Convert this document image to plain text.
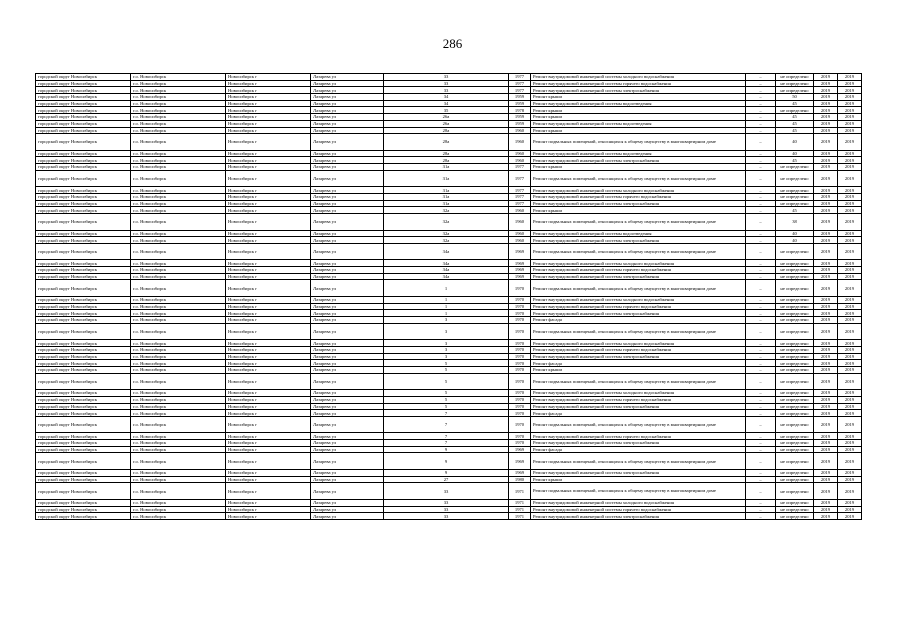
286
городской округ Новосибирск	г.о. Новосибирск	Новосибирск г	Лазарева ул	33	1977	Ремонт внутридомовой инженерной системы холодного водоснабжения	–	не определено	2019	2019
городской округ Новосибирск	г.о. Новосибирск	Новосибирск г	Лазарева ул	33	1977	Ремонт внутридомовой инженерной системы горячего водоснабжения	–	не определено	2019	2019
городской округ Новосибирск	г.о. Новосибирск	Новосибирск г	Лазарева ул	33	1977	Ремонт внутридомовой инженерной системы электроснабжения	–	не определено	2019	2019
городской округ Новосибирск	г.о. Новосибирск	Новосибирск г	Лазарева ул	34	1959	Ремонт крыши	–	50	2019	2019
городской округ Новосибирск	г.о. Новосибирск	Новосибирск г	Лазарева ул	34	1959	Ремонт внутридомовой инженерной системы водоотведения	–	45	2019	2019
городской округ Новосибирск	г.о. Новосибирск	Новосибирск г	Лазарева ул	35	1978	Ремонт крыши	–	не определено	2019	2019
городской округ Новосибирск	г.о. Новосибирск	Новосибирск г	Лазарева ул	26а	1959	Ремонт крыши	–	45	2019	2019
городской округ Новосибирск	г.о. Новосибирск	Новосибирск г	Лазарева ул	26а	1959	Ремонт внутридомовой инженерной системы водоотведения	–	45	2019	2019
городской округ Новосибирск	г.о. Новосибирск	Новосибирск г	Лазарева ул	28а	1960	Ремонт крыши	–	45	2019	2019
городской округ Новосибирск	г.о. Новосибирск	Новосибирск г	Лазарева ул	28а	1960	Ремонт подвальных помещений, относящихся к общему имуществу в многоквартирном доме	–	40	2019	2019
городской округ Новосибирск	г.о. Новосибирск	Новосибирск г	Лазарева ул	28а	1960	Ремонт внутридомовой инженерной системы водоотведения	–	40	2019	2019
городской округ Новосибирск	г.о. Новосибирск	Новосибирск г	Лазарева ул	28а	1960	Ремонт внутридомовой инженерной системы электроснабжения	–	45	2019	2019
городской округ Новосибирск	г.о. Новосибирск	Новосибирск г	Лазарева ул	31а	1977	Ремонт крыши	–	не определено	2019	2019
городской округ Новосибирск	г.о. Новосибирск	Новосибирск г	Лазарева ул	31а	1977	Ремонт подвальных помещений, относящихся к общему имуществу в многоквартирном доме	–	не определено	2019	2019
городской округ Новосибирск	г.о. Новосибирск	Новосибирск г	Лазарева ул	31а	1977	Ремонт внутридомовой инженерной системы холодного водоснабжения	–	не определено	2019	2019
городской округ Новосибирск	г.о. Новосибирск	Новосибирск г	Лазарева ул	31а	1977	Ремонт внутридомовой инженерной системы горячего водоснабжения	–	не определено	2019	2019
городской округ Новосибирск	г.о. Новосибирск	Новосибирск г	Лазарева ул	31а	1977	Ремонт внутридомовой инженерной системы электроснабжения	–	не определено	2019	2019
городской округ Новосибирск	г.о. Новосибирск	Новосибирск г	Лазарева ул	32а	1960	Ремонт крыши	–	45	2019	2019
городской округ Новосибирск	г.о. Новосибирск	Новосибирск г	Лазарева ул	32а	1960	Ремонт подвальных помещений, относящихся к общему имуществу в многоквартирном доме	–	38	2019	2019
городской округ Новосибирск	г.о. Новосибирск	Новосибирск г	Лазарева ул	32а	1960	Ремонт внутридомовой инженерной системы водоотведения	–	40	2019	2019
городской округ Новосибирск	г.о. Новосибирск	Новосибирск г	Лазарева ул	32а	1960	Ремонт внутридомовой инженерной системы электроснабжения	–	40	2019	2019
городской округ Новосибирск	г.о. Новосибирск	Новосибирск г	Лазарева ул	34а	1969	Ремонт подвальных помещений, относящихся к общему имуществу в многоквартирном доме	–	не определено	2019	2019
городской округ Новосибирск	г.о. Новосибирск	Новосибирск г	Лазарева ул	34а	1969	Ремонт внутридомовой инженерной системы холодного водоснабжения	–	не определено	2019	2019
городской округ Новосибирск	г.о. Новосибирск	Новосибирск г	Лазарева ул	34а	1969	Ремонт внутридомовой инженерной системы горячего водоснабжения	–	не определено	2019	2019
городской округ Новосибирск	г.о. Новосибирск	Новосибирск г	Лазарева ул	34а	1969	Ремонт внутридомовой инженерной системы электроснабжения	–	не определено	2019	2019
городской округ Новосибирск	г.о. Новосибирск	Новосибирск г	Лазарева ул	1	1970	Ремонт подвальных помещений, относящихся к общему имуществу в многоквартирном доме	–	не определено	2019	2019
городской округ Новосибирск	г.о. Новосибирск	Новосибирск г	Лазарева ул	1	1970	Ремонт внутридомовой инженерной системы холодного водоснабжения	–	не определено	2019	2019
городской округ Новосибирск	г.о. Новосибирск	Новосибирск г	Лазарева ул	1	1970	Ремонт внутридомовой инженерной системы горячего водоснабжения	–	не определено	2019	2019
городской округ Новосибирск	г.о. Новосибирск	Новосибирск г	Лазарева ул	1	1970	Ремонт внутридомовой инженерной системы электроснабжения	–	не определено	2019	2019
городской округ Новосибирск	г.о. Новосибирск	Новосибирск г	Лазарева ул	3	1970	Ремонт фасада	–	не определено	2019	2019
городской округ Новосибирск	г.о. Новосибирск	Новосибирск г	Лазарева ул	3	1970	Ремонт подвальных помещений, относящихся к общему имуществу в многоквартирном доме	–	не определено	2019	2019
городской округ Новосибирск	г.о. Новосибирск	Новосибирск г	Лазарева ул	3	1970	Ремонт внутридомовой инженерной системы холодного водоснабжения	–	не определено	2019	2019
городской округ Новосибирск	г.о. Новосибирск	Новосибирск г	Лазарева ул	3	1970	Ремонт внутридомовой инженерной системы горячего водоснабжения	–	не определено	2019	2019
городской округ Новосибирск	г.о. Новосибирск	Новосибирск г	Лазарева ул	3	1970	Ремонт внутридомовой инженерной системы электроснабжения	–	не определено	2019	2019
городской округ Новосибирск	г.о. Новосибирск	Новосибирск г	Лазарева ул	5	1970	Ремонт фасада	–	не определено	2019	2019
городской округ Новосибирск	г.о. Новосибирск	Новосибирск г	Лазарева ул	5	1970	Ремонт крыши	–	не определено	2019	2019
городской округ Новосибирск	г.о. Новосибирск	Новосибирск г	Лазарева ул	5	1970	Ремонт подвальных помещений, относящихся к общему имуществу в многоквартирном доме	–	не определено	2019	2019
городской округ Новосибирск	г.о. Новосибирск	Новосибирск г	Лазарева ул	5	1970	Ремонт внутридомовой инженерной системы холодного водоснабжения	–	не определено	2019	2019
городской округ Новосибирск	г.о. Новосибирск	Новосибирск г	Лазарева ул	5	1970	Ремонт внутридомовой инженерной системы горячего водоснабжения	–	не определено	2019	2019
городской округ Новосибирск	г.о. Новосибирск	Новосибирск г	Лазарева ул	5	1970	Ремонт внутридомовой инженерной системы электроснабжения	–	не определено	2019	2019
городской округ Новосибирск	г.о. Новосибирск	Новосибирск г	Лазарева ул	7	1970	Ремонт фасада	–	не определено	2019	2019
городской округ Новосибирск	г.о. Новосибирск	Новосибирск г	Лазарева ул	7	1970	Ремонт подвальных помещений, относящихся к общему имуществу в многоквартирном доме	–	не определено	2019	2019
городской округ Новосибирск	г.о. Новосибирск	Новосибирск г	Лазарева ул	7	1970	Ремонт внутридомовой инженерной системы горячего водоснабжения	–	не определено	2019	2019
городской округ Новосибирск	г.о. Новосибирск	Новосибирск г	Лазарева ул	7	1970	Ремонт внутридомовой инженерной системы электроснабжения	–	не определено	2019	2019
городской округ Новосибирск	г.о. Новосибирск	Новосибирск г	Лазарева ул	9	1969	Ремонт фасада	–	не определено	2019	2019
городской округ Новосибирск	г.о. Новосибирск	Новосибирск г	Лазарева ул	9	1969	Ремонт подвальных помещений, относящихся к общему имуществу в многоквартирном доме	–	не определено	2019	2019
городской округ Новосибирск	г.о. Новосибирск	Новосибирск г	Лазарева ул	9	1969	Ремонт внутридомовой инженерной системы электроснабжения	–	не определено	2019	2019
городской округ Новосибирск	г.о. Новосибирск	Новосибирск г	Лазарева ул	27	1980	Ремонт крыши	–	не определено	2019	2019
городской округ Новосибирск	г.о. Новосибирск	Новосибирск г	Лазарева ул	33	1971	Ремонт подвальных помещений, относящихся к общему имуществу в многоквартирном доме	–	не определено	2019	2019
городской округ Новосибирск	г.о. Новосибирск	Новосибирск г	Лазарева ул	33	1971	Ремонт внутридомовой инженерной системы холодного водоснабжения	–	не определено	2019	2019
городской округ Новосибирск	г.о. Новосибирск	Новосибирск г	Лазарева ул	33	1971	Ремонт внутридомовой инженерной системы горячего водоснабжения	–	не определено	2019	2019
городской округ Новосибирск	г.о. Новосибирск	Новосибирск г	Лазарева ул	33	1971	Ремонт внутридомовой инженерной системы электроснабжения	–	не определено	2019	2019
